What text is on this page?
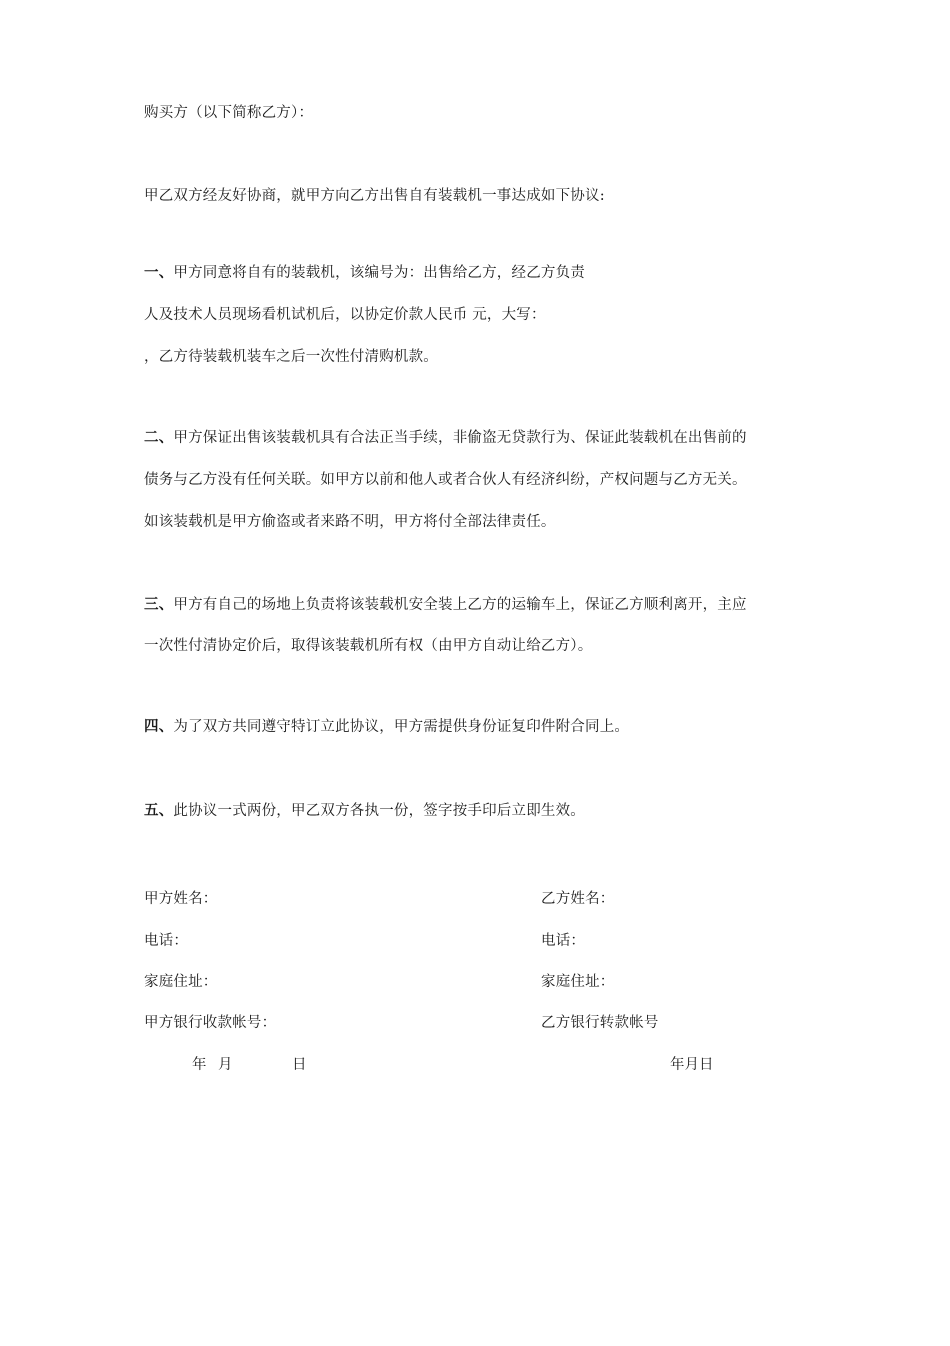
购买方（以下简称乙方）：
甲乙双方经友好协商，就甲方向乙方出售自有装载机一事达成如下协议:
一、甲方同意将自有的装载机，该编号为：出售给乙方，经乙方负责
人及技术人员现场看机试机后，以协定价款人民币 元，大写：
，乙方待装载机装车之后一次性付清购机款。
二、甲方保证出售该装载机具有合法正当手续，非偷盗无贷款行为、保证此装载机在出售前的
债务与乙方没有任何关联。如甲方以前和他人或者合伙人有经济纠纷，产权问题与乙方无关。
如该装载机是甲方偷盗或者来路不明，甲方将付全部法律责任。
三、甲方有自己的场地上负责将该装载机安全装上乙方的运输车上，保证乙方顺利离开，主应
一次性付清协定价后，取得该装载机所有权（由甲方自动让给乙方）。
四、为了双方共同遵守特订立此协议，甲方需提供身份证复印件附合同上。
五、此协议一式两份，甲乙双方各执一份，签字按手印后立即生效。
甲方姓名：
电话：
家庭住址：
甲方银行收款帐号：
乙方姓名：
电话：
家庭住址：
乙方银行转款帐号
年 月	日	年月日
